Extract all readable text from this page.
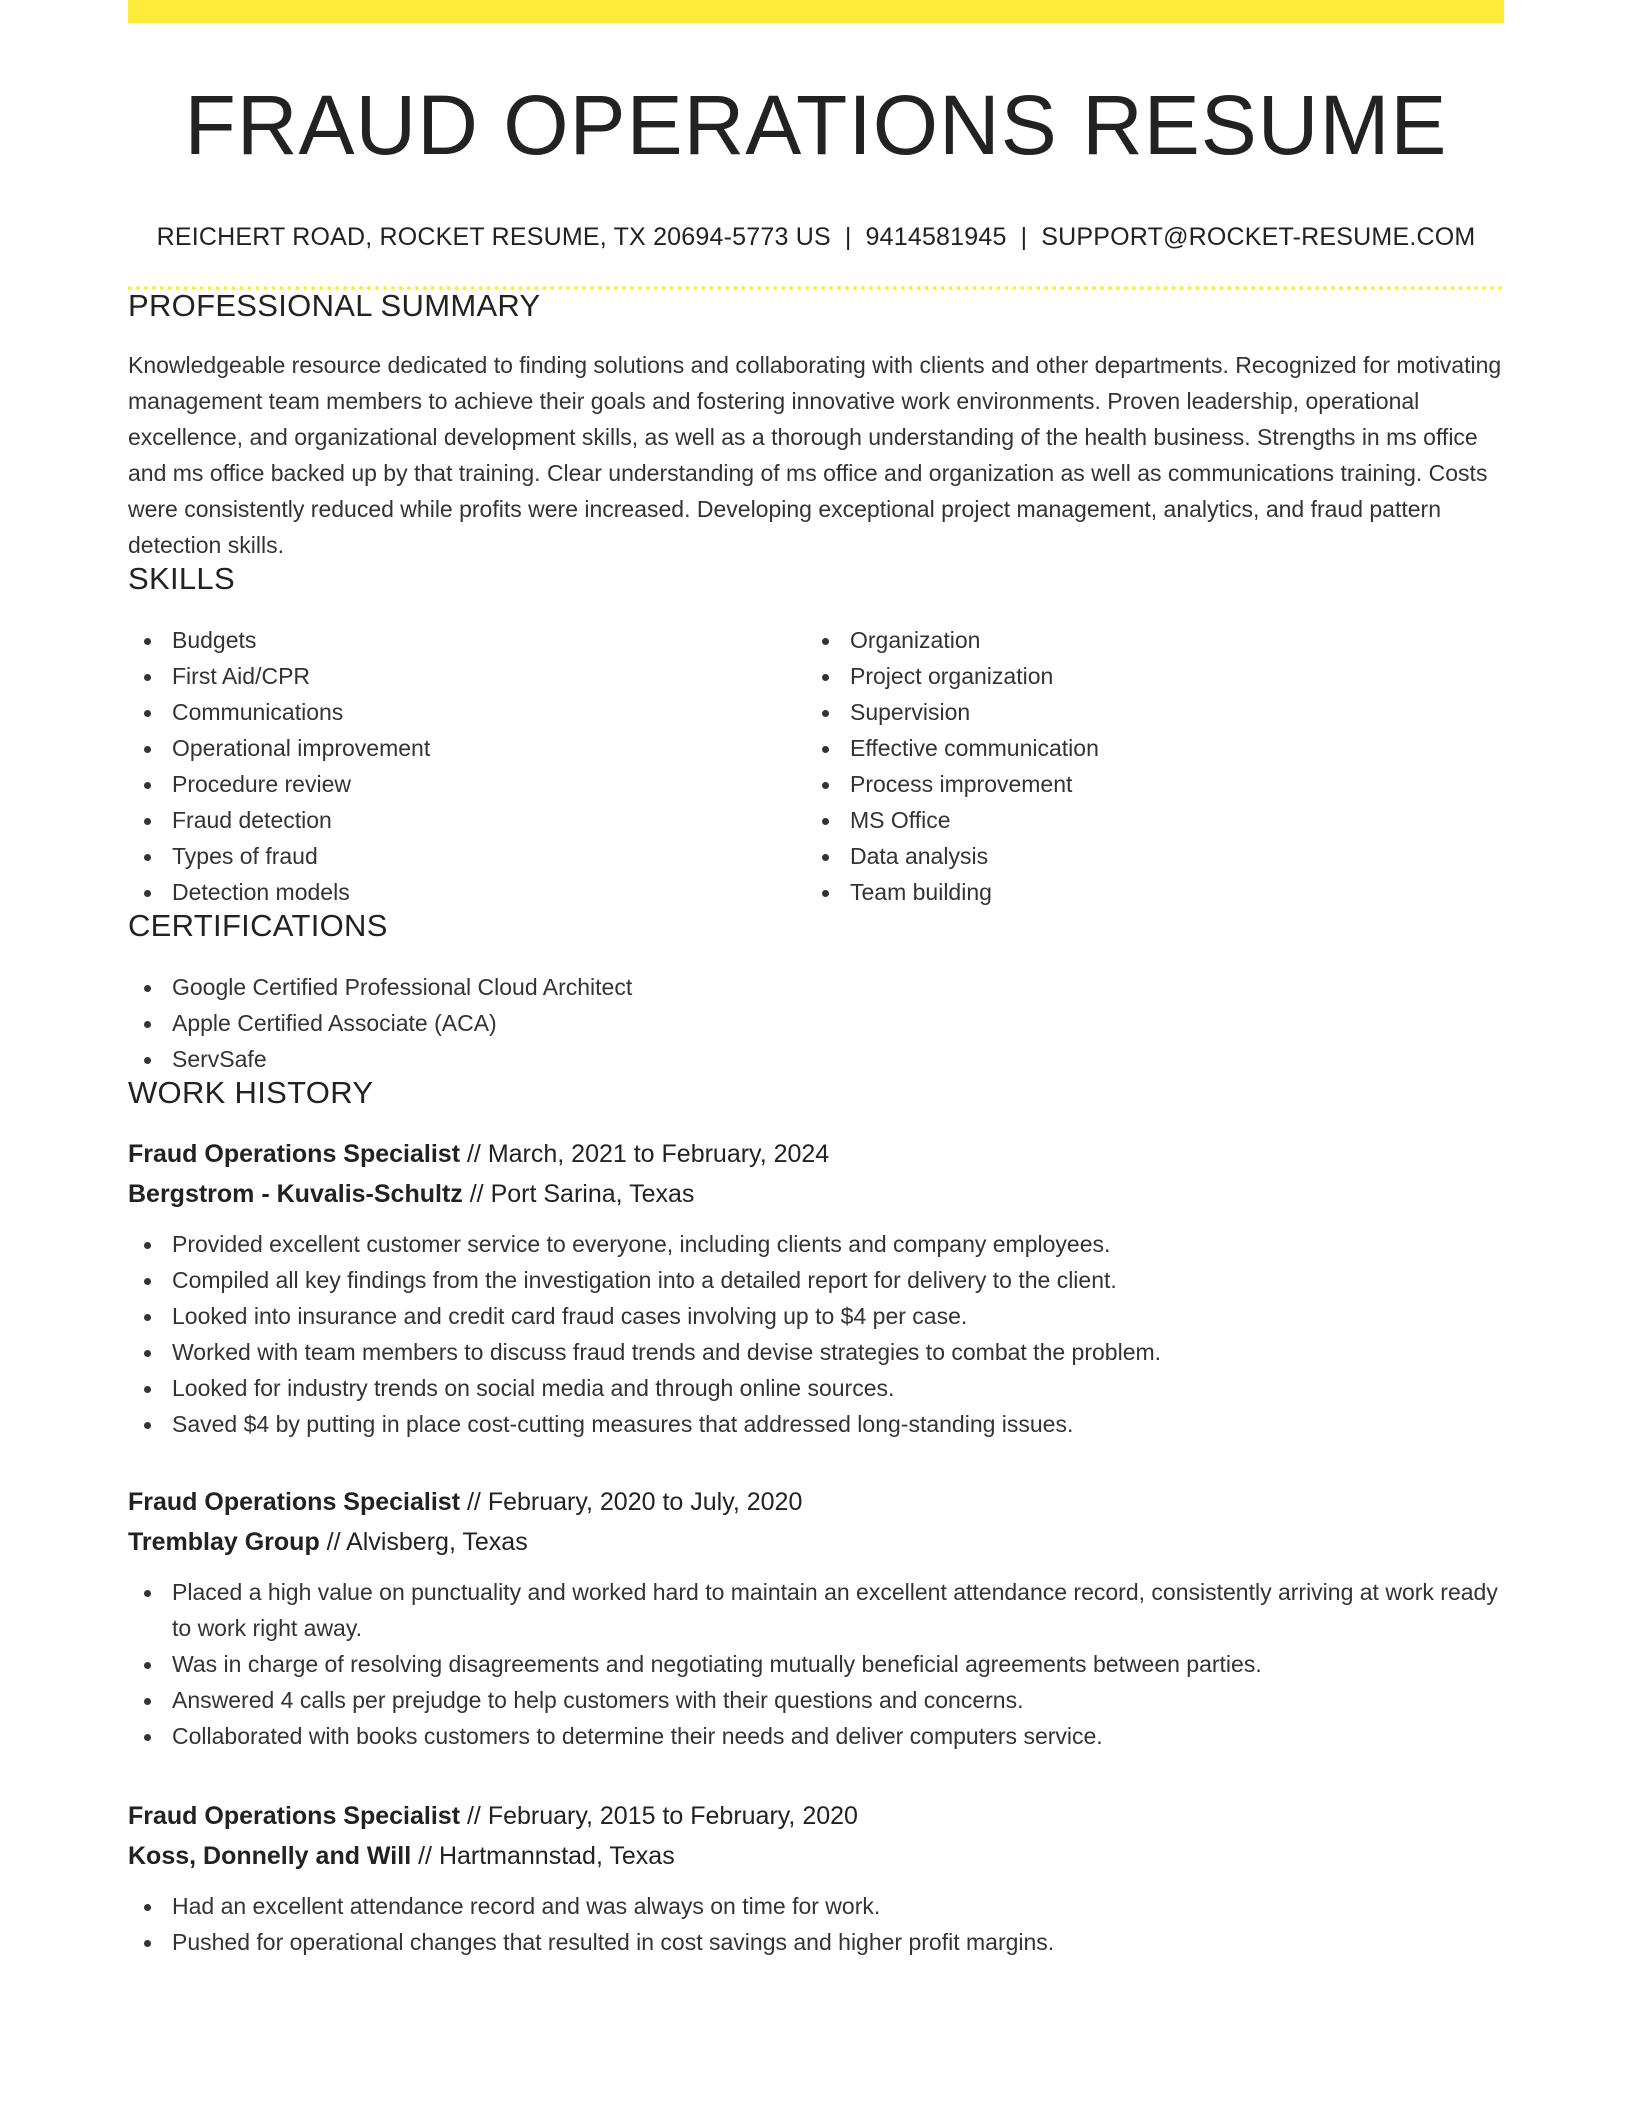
FRAUD OPERATIONS RESUME
REICHERT ROAD, ROCKET RESUME, TX 20694-5773 US | 9414581945 | SUPPORT@ROCKET-RESUME.COM
PROFESSIONAL SUMMARY
Knowledgeable resource dedicated to finding solutions and collaborating with clients and other departments. Recognized for motivating management team members to achieve their goals and fostering innovative work environments. Proven leadership, operational excellence, and organizational development skills, as well as a thorough understanding of the health business. Strengths in ms office and ms office backed up by that training. Clear understanding of ms office and organization as well as communications training. Costs were consistently reduced while profits were increased. Developing exceptional project management, analytics, and fraud pattern detection skills.
SKILLS
Budgets
First Aid/CPR
Communications
Operational improvement
Procedure review
Fraud detection
Types of fraud
Detection models
Organization
Project organization
Supervision
Effective communication
Process improvement
MS Office
Data analysis
Team building
CERTIFICATIONS
Google Certified Professional Cloud Architect
Apple Certified Associate (ACA)
ServSafe
WORK HISTORY
Fraud Operations Specialist // March, 2021 to February, 2024
Bergstrom - Kuvalis-Schultz // Port Sarina, Texas
Provided excellent customer service to everyone, including clients and company employees.
Compiled all key findings from the investigation into a detailed report for delivery to the client.
Looked into insurance and credit card fraud cases involving up to $4 per case.
Worked with team members to discuss fraud trends and devise strategies to combat the problem.
Looked for industry trends on social media and through online sources.
Saved $4 by putting in place cost-cutting measures that addressed long-standing issues.
Fraud Operations Specialist // February, 2020 to July, 2020
Tremblay Group // Alvisberg, Texas
Placed a high value on punctuality and worked hard to maintain an excellent attendance record, consistently arriving at work ready to work right away.
Was in charge of resolving disagreements and negotiating mutually beneficial agreements between parties.
Answered 4 calls per prejudge to help customers with their questions and concerns.
Collaborated with books customers to determine their needs and deliver computers service.
Fraud Operations Specialist // February, 2015 to February, 2020
Koss, Donnelly and Will // Hartmannstad, Texas
Had an excellent attendance record and was always on time for work.
Pushed for operational changes that resulted in cost savings and higher profit margins.
